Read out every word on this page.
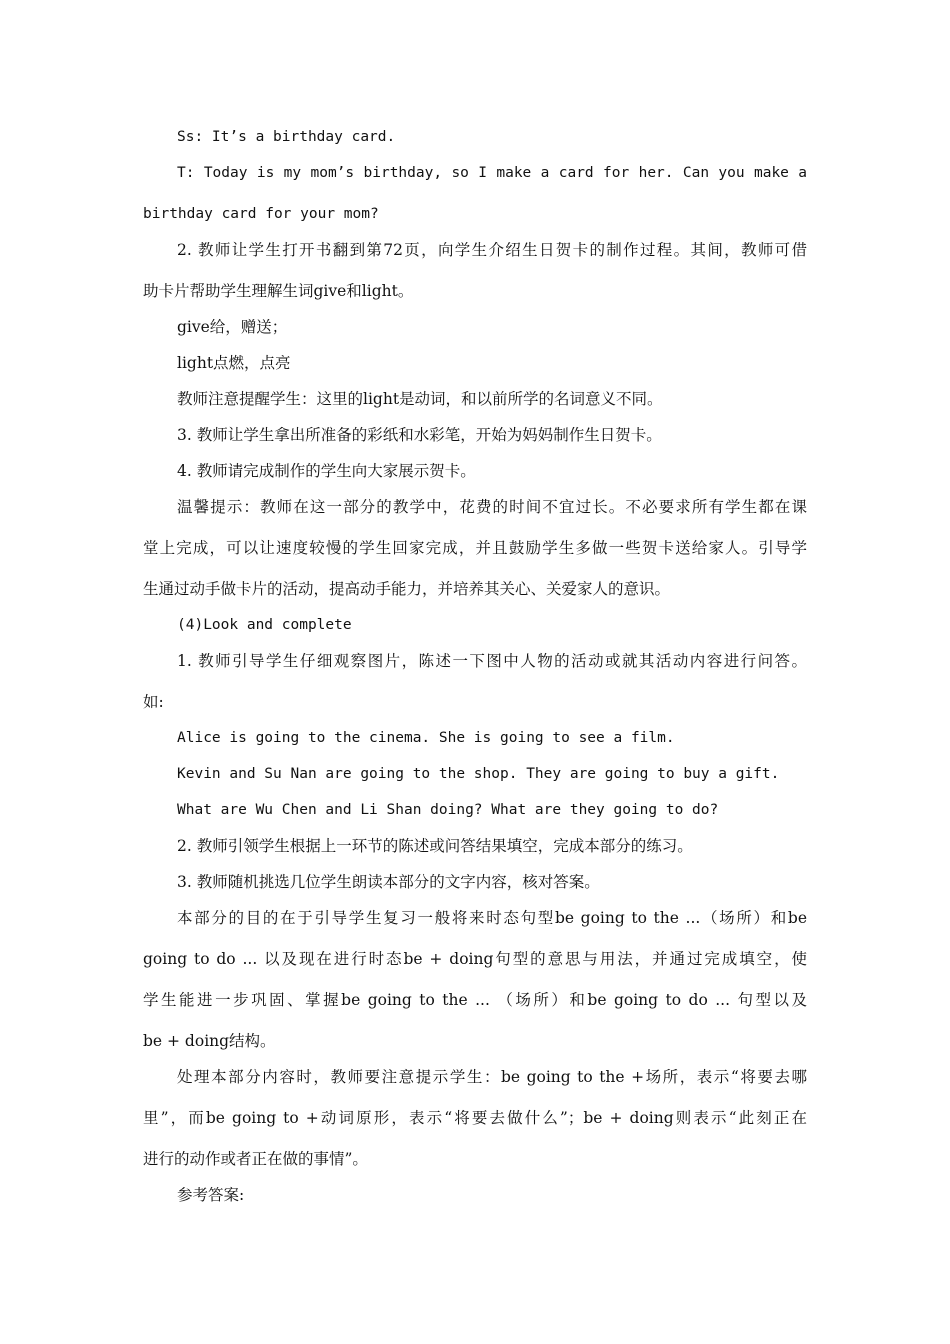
Ss: It’s a birthday card.
T: Today is my mom’s birthday, so I make a card for her. Can you make a
birthday card for your mom?
2. 教师让学生打开书翻到第72页，向学生介绍生日贺卡的制作过程。其间，教师可借
助卡片帮助学生理解生词give和light。
give给，赠送；
light点燃，点亮
教师注意提醒学生：这里的light是动词，和以前所学的名词意义不同。
3. 教师让学生拿出所准备的彩纸和水彩笔，开始为妈妈制作生日贺卡。
4. 教师请完成制作的学生向大家展示贺卡。
温馨提示：教师在这一部分的教学中，花费的时间不宜过长。不必要求所有学生都在课
堂上完成，可以让速度较慢的学生回家完成，并且鼓励学生多做一些贺卡送给家人。引导学
生通过动手做卡片的活动，提高动手能力，并培养其关心、关爱家人的意识。
(4)Look and complete
1. 教师引导学生仔细观察图片，陈述一下图中人物的活动或就其活动内容进行问答。
如:
Alice is going to the cinema. She is going to see a film.
Kevin and Su Nan are going to the shop. They are going to buy a gift.
What are Wu Chen and Li Shan doing? What are they going to do?
2. 教师引领学生根据上一环节的陈述或问答结果填空，完成本部分的练习。
3. 教师随机挑选几位学生朗读本部分的文字内容，核对答案。
本部分的目的在于引导学生复习一般将来时态句型be going to the ...（场所）和be
going to do ... 以及现在进行时态be + doing句型的意思与用法，并通过完成填空，使
学生能进一步巩固、掌握be going to the ... （场所）和be going to do ... 句型以及
be + doing结构。
处理本部分内容时，教师要注意提示学生：be going to the +场所，表示“将要去哪
里”，而be going to +动词原形，表示“将要去做什么”；be + doing则表示“此刻正在
进行的动作或者正在做的事情”。
参考答案:
